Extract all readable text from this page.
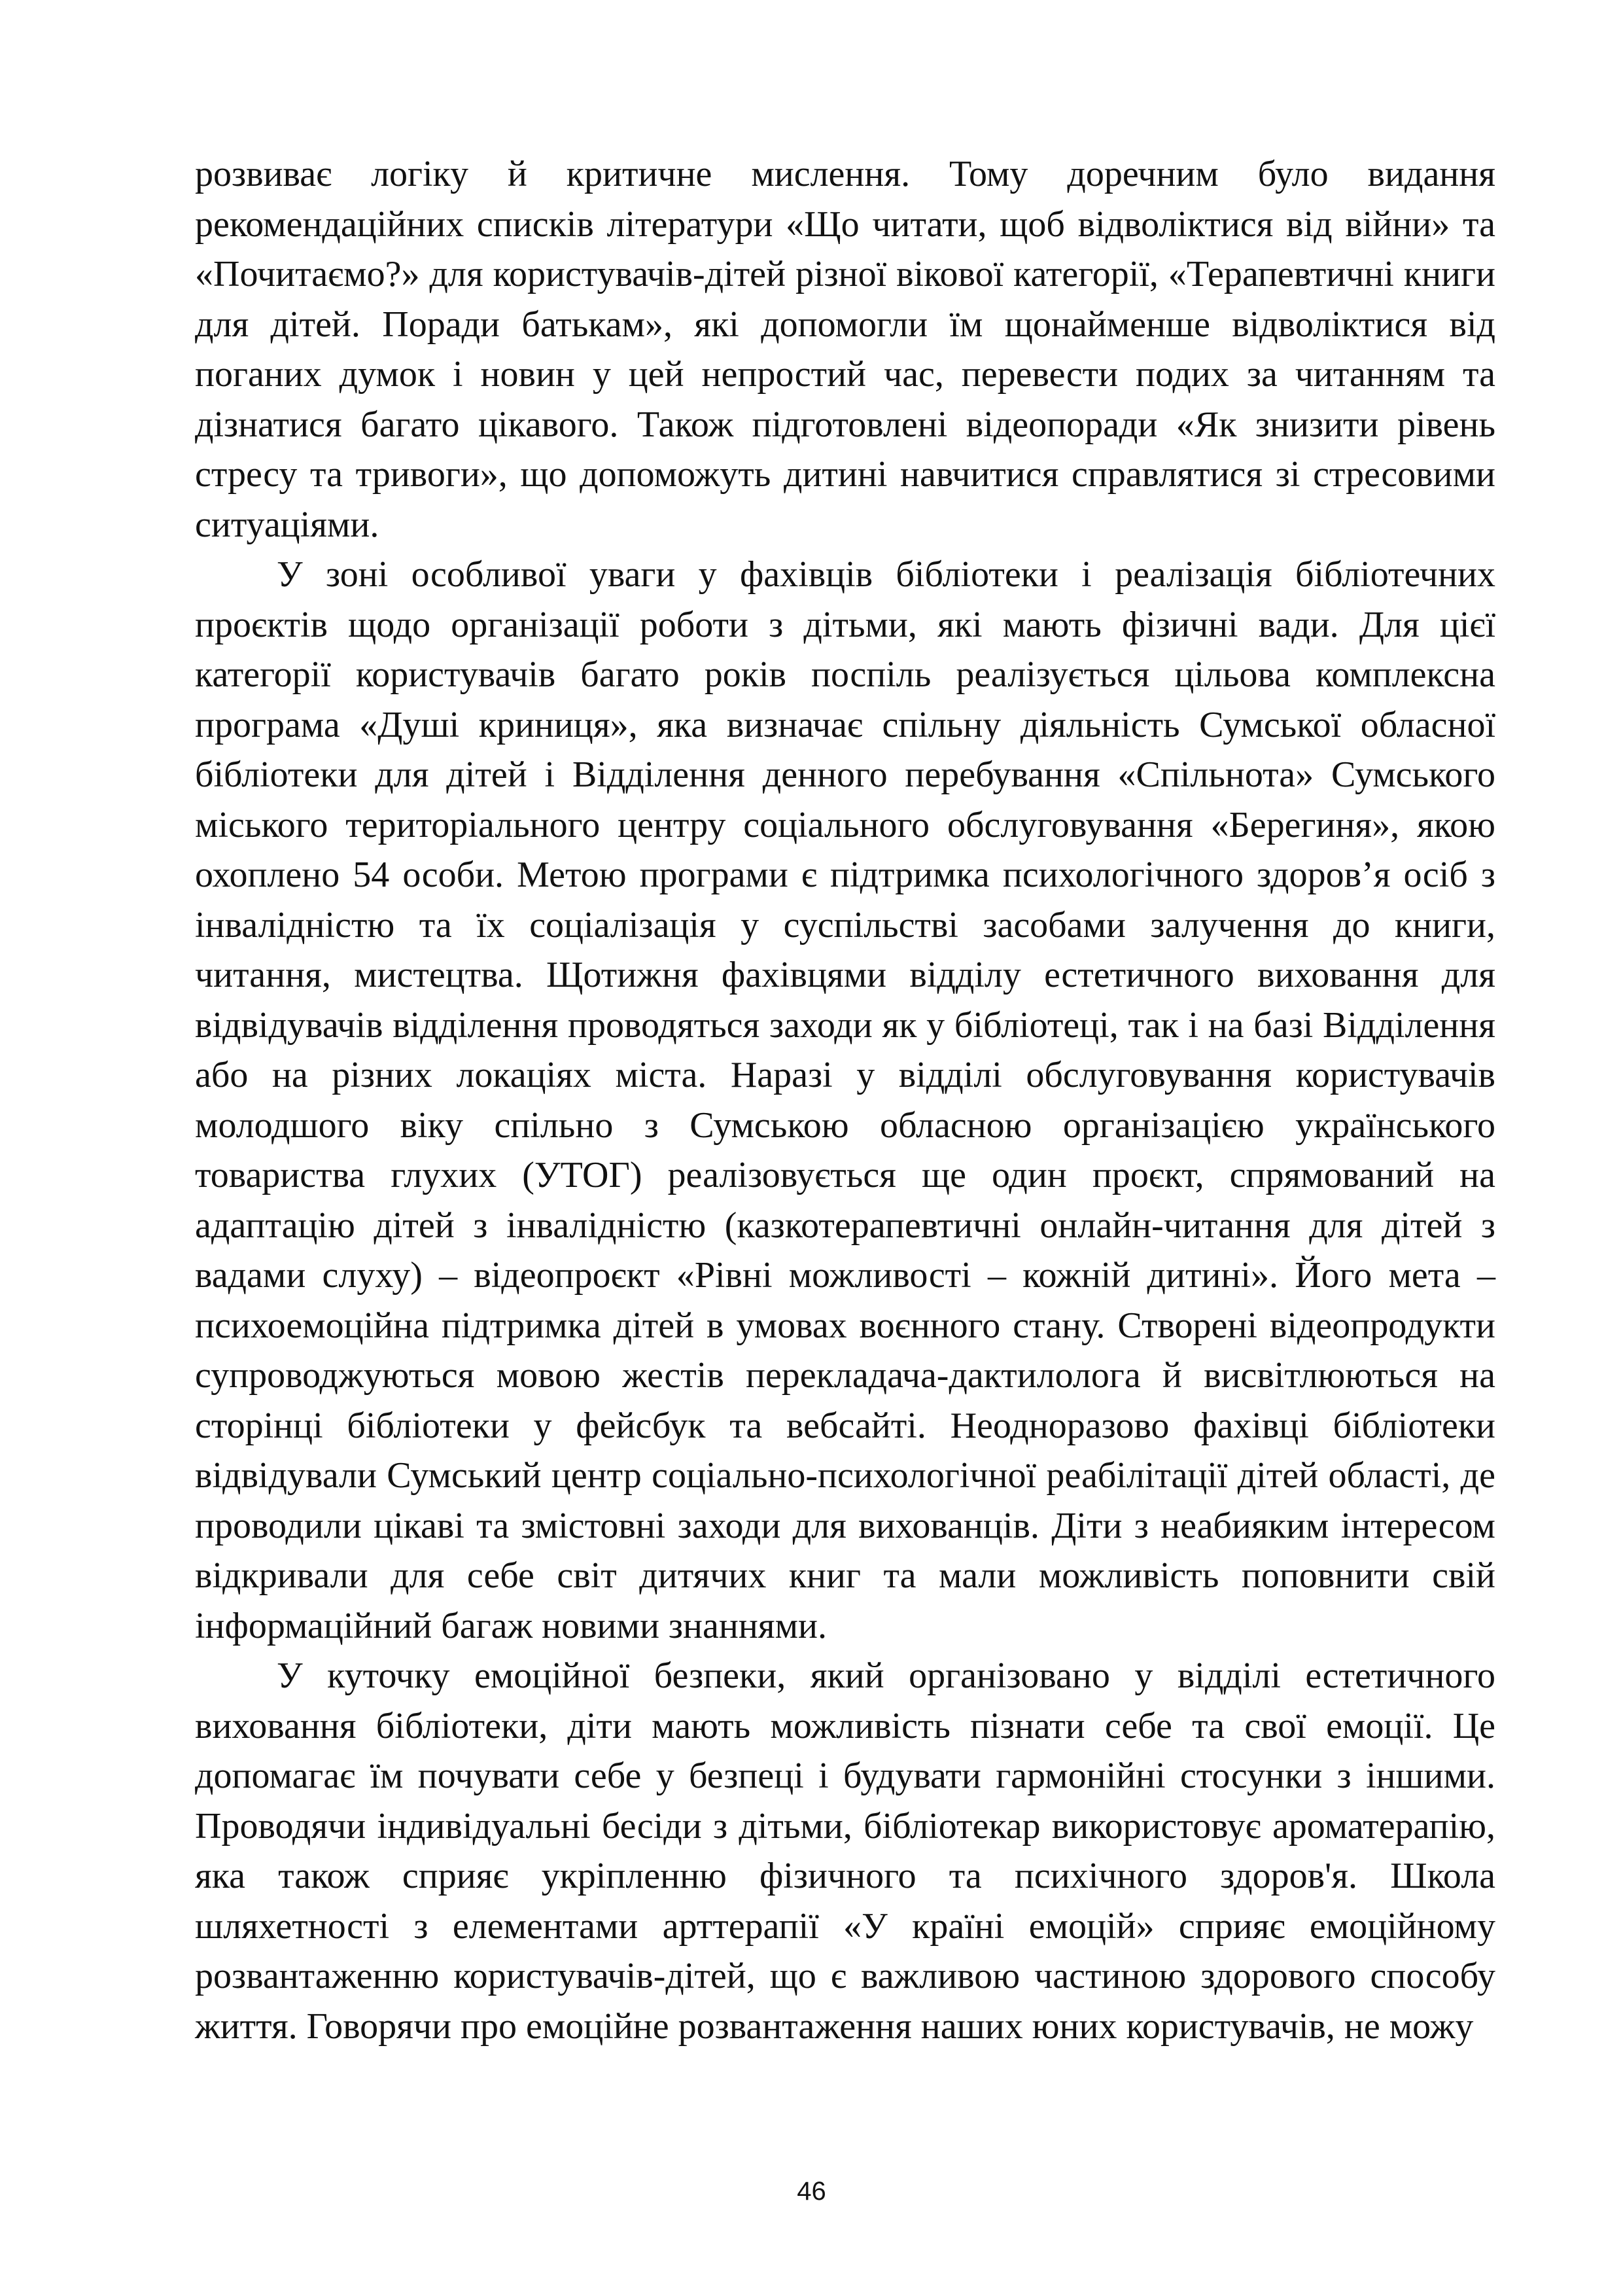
розвиває логіку й критичне мислення. Тому доречним було видання рекомендаційних списків літератури «Що читати, щоб відволіктися від війни» та «Почитаємо?» для користувачів-дітей різної вікової категорії, «Терапевтичні книги для дітей. Поради батькам», які допомогли їм щонайменше відволіктися від поганих думок і новин у цей непростий час, перевести подих за читанням та дізнатися багато цікавого. Також підготовлені відеопоради «Як знизити рівень стресу та тривоги», що допоможуть дитині навчитися справлятися зі стресовими ситуаціями.

У зоні особливої уваги у фахівців бібліотеки і реалізація бібліотечних проєктів щодо організації роботи з дітьми, які мають фізичні вади. Для цієї категорії користувачів багато років поспіль реалізується цільова комплексна програма «Душі криниця», яка визначає спільну діяльність Сумської обласної бібліотеки для дітей і Відділення денного перебування «Спільнота» Сумського міського територіального центру соціального обслуговування «Берегиня», якою охоплено 54 особи. Метою програми є підтримка психологічного здоров’я осіб з інвалідністю та їх соціалізація у суспільстві засобами залучення до книги, читання, мистецтва. Щотижня фахівцями відділу естетичного виховання для відвідувачів відділення проводяться заходи як у бібліотеці, так і на базі Відділення або на різних локаціях міста. Наразі у відділі обслуговування користувачів молодшого віку спільно з Сумською обласною організацією українського товариства глухих (УТОГ) реалізовується ще один проєкт, спрямований на адаптацію дітей з інвалідністю (казкотерапевтичні онлайн-читання для дітей з вадами слуху) – відеопроєкт «Рівні можливості – кожній дитині». Його мета – психоемоційна підтримка дітей в умовах воєнного стану. Створені відеопродукти супроводжуються мовою жестів перекладача-дактилолога й висвітлюються на сторінці бібліотеки у фейсбук та вебсайті. Неодноразово фахівці бібліотеки відвідували Сумський центр соціально-психологічної реабілітації дітей області, де проводили цікаві та змістовні заходи для вихованців. Діти з неабияким інтересом відкривали для себе світ дитячих книг та мали можливість поповнити свій інформаційний багаж новими знаннями.

У куточку емоційної безпеки, який організовано у відділі естетичного виховання бібліотеки, діти мають можливість пізнати себе та свої емоції. Це допомагає їм почувати себе у безпеці і будувати гармонійні стосунки з іншими. Проводячи індивідуальні бесіди з дітьми, бібліотекар використовує ароматерапію, яка також сприяє укріпленню фізичного та психічного здоров'я. Школа шляхетності з елементами арттерапії «У країні емоцій» сприяє емоційному розвантаженню користувачів-дітей, що є важливою частиною здорового способу життя. Говорячи про емоційне розвантаження наших юних користувачів, не можу

46
